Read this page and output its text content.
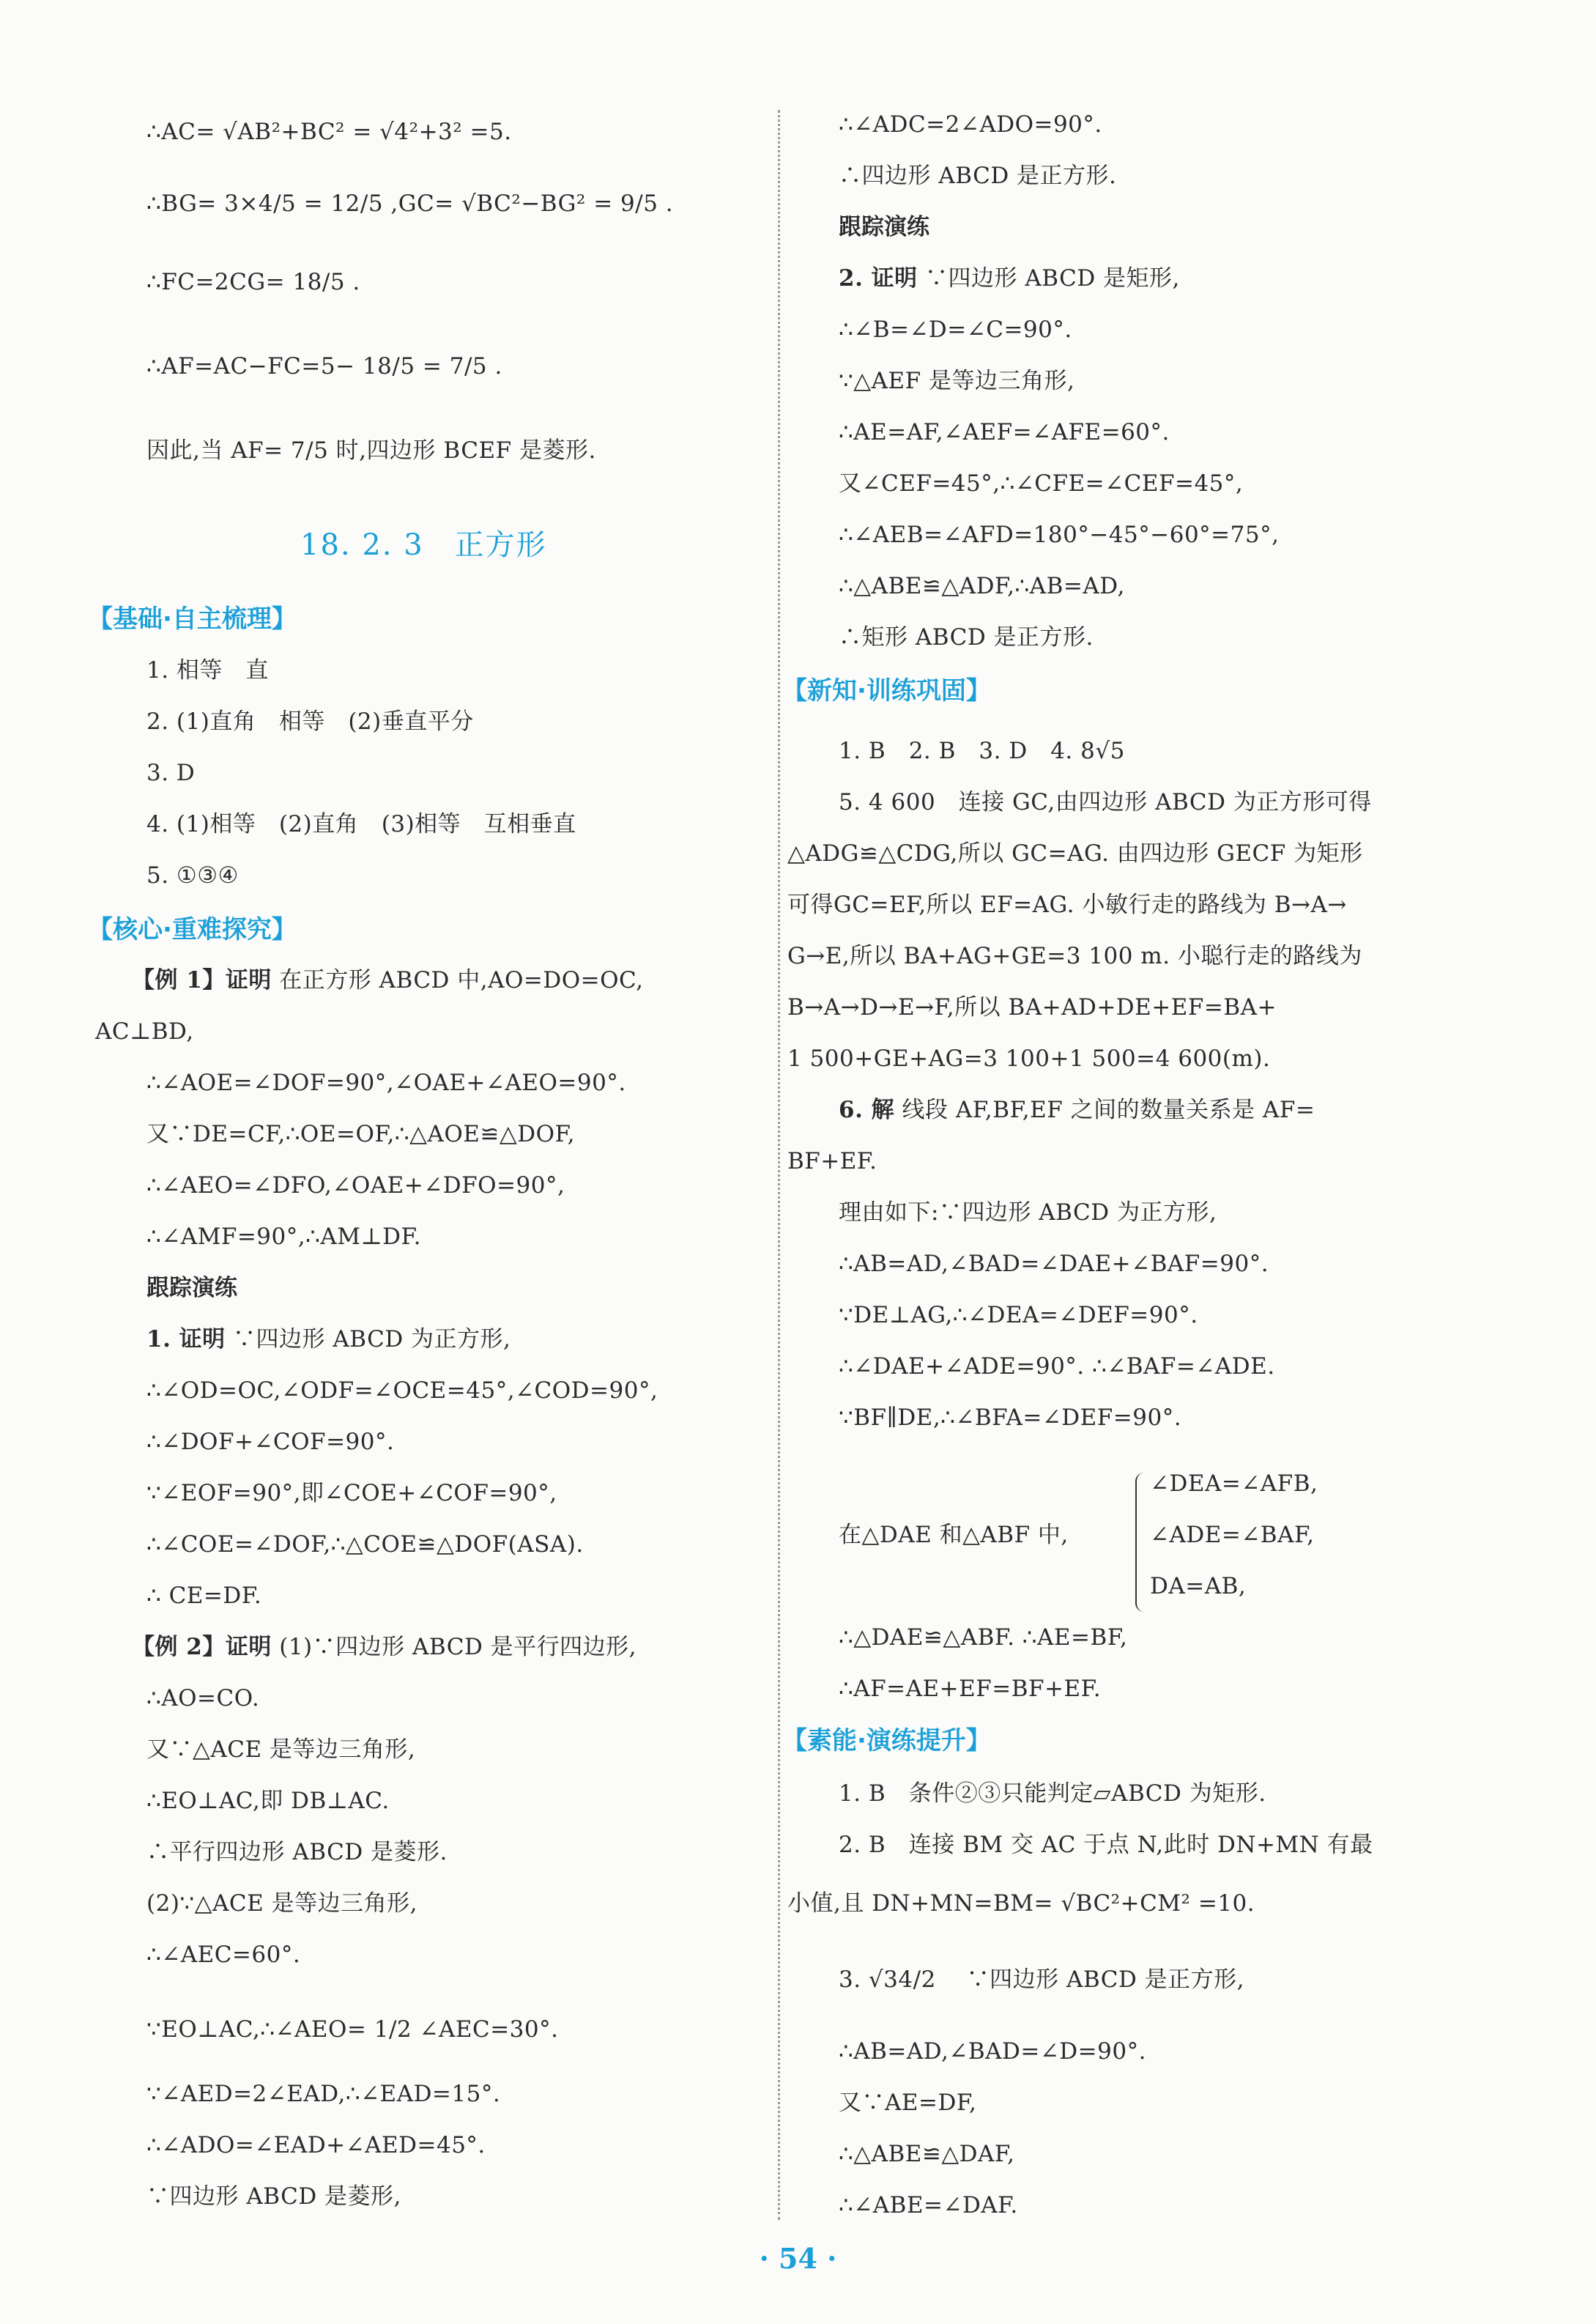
∴AC= √AB²+BC² = √4²+3² =5.
∴BG= 3×4/5 = 12/5 ,GC= √BC²−BG² = 9/5 .
∴FC=2CG= 18/5 .
∴AF=AC−FC=5− 18/5 = 7/5 .
因此,当 AF= 7/5 时,四边形 BCEF 是菱形.
18. 2. 3　正方形
【基础·自主梳理】
1. 相等　直
2. (1)直角　相等　(2)垂直平分
3. D
4. (1)相等　(2)直角　(3)相等　互相垂直
5. ①③④
【核心·重难探究】
【例 1】证明 在正方形 ABCD 中,AO=DO=OC,
AC⊥BD,
∴∠AOE=∠DOF=90°,∠OAE+∠AEO=90°.
又∵DE=CF,∴OE=OF,∴△AOE≌△DOF,
∴∠AEO=∠DFO,∠OAE+∠DFO=90°,
∴∠AMF=90°,∴AM⊥DF.
跟踪演练
1. 证明 ∵四边形 ABCD 为正方形,
∴∠OD=OC,∠ODF=∠OCE=45°,∠COD=90°,
∴∠DOF+∠COF=90°.
∵∠EOF=90°,即∠COE+∠COF=90°,
∴∠COE=∠DOF,∴△COE≌△DOF(ASA).
∴ CE=DF.
【例 2】证明 (1)∵四边形 ABCD 是平行四边形,
∴AO=CO.
又∵△ACE 是等边三角形,
∴EO⊥AC,即 DB⊥AC.
∴平行四边形 ABCD 是菱形.
(2)∵△ACE 是等边三角形,
∴∠AEC=60°.
∵EO⊥AC,∴∠AEO= 1/2 ∠AEC=30°.
∵∠AED=2∠EAD,∴∠EAD=15°.
∴∠ADO=∠EAD+∠AED=45°.
∵四边形 ABCD 是菱形,
∴∠ADC=2∠ADO=90°.
∴四边形 ABCD 是正方形.
跟踪演练
2. 证明 ∵四边形 ABCD 是矩形,
∴∠B=∠D=∠C=90°.
∵△AEF 是等边三角形,
∴AE=AF,∠AEF=∠AFE=60°.
又∠CEF=45°,∴∠CFE=∠CEF=45°,
∴∠AEB=∠AFD=180°−45°−60°=75°,
∴△ABE≌△ADF,∴AB=AD,
∴矩形 ABCD 是正方形.
【新知·训练巩固】
1. B　2. B　3. D　4. 8√5
5. 4 600　连接 GC,由四边形 ABCD 为正方形可得
△ADG≌△CDG,所以 GC=AG. 由四边形 GECF 为矩形
可得GC=EF,所以 EF=AG. 小敏行走的路线为 B→A→
G→E,所以 BA+AG+GE=3 100 m. 小聪行走的路线为
B→A→D→E→F,所以 BA+AD+DE+EF=BA+
1 500+GE+AG=3 100+1 500=4 600(m).
6. 解 线段 AF,BF,EF 之间的数量关系是 AF=
BF+EF.
理由如下:∵四边形 ABCD 为正方形,
∴AB=AD,∠BAD=∠DAE+∠BAF=90°.
∵DE⊥AG,∴∠DEA=∠DEF=90°.
∴∠DAE+∠ADE=90°. ∴∠BAF=∠ADE.
∵BF∥DE,∴∠BFA=∠DEF=90°.
在△DAE 和△ABF 中,
∠DEA=∠AFB,
∠ADE=∠BAF,
DA=AB,
∴△DAE≌△ABF. ∴AE=BF,
∴AF=AE+EF=BF+EF.
【素能·演练提升】
1. B　条件②③只能判定▱ABCD 为矩形.
2. B　连接 BM 交 AC 于点 N,此时 DN+MN 有最
小值,且 DN+MN=BM= √BC²+CM² =10.
3. √34/2 　∵四边形 ABCD 是正方形,
∴AB=AD,∠BAD=∠D=90°.
又∵AE=DF,
∴△ABE≌△DAF,
∴∠ABE=∠DAF.
· 54 ·
